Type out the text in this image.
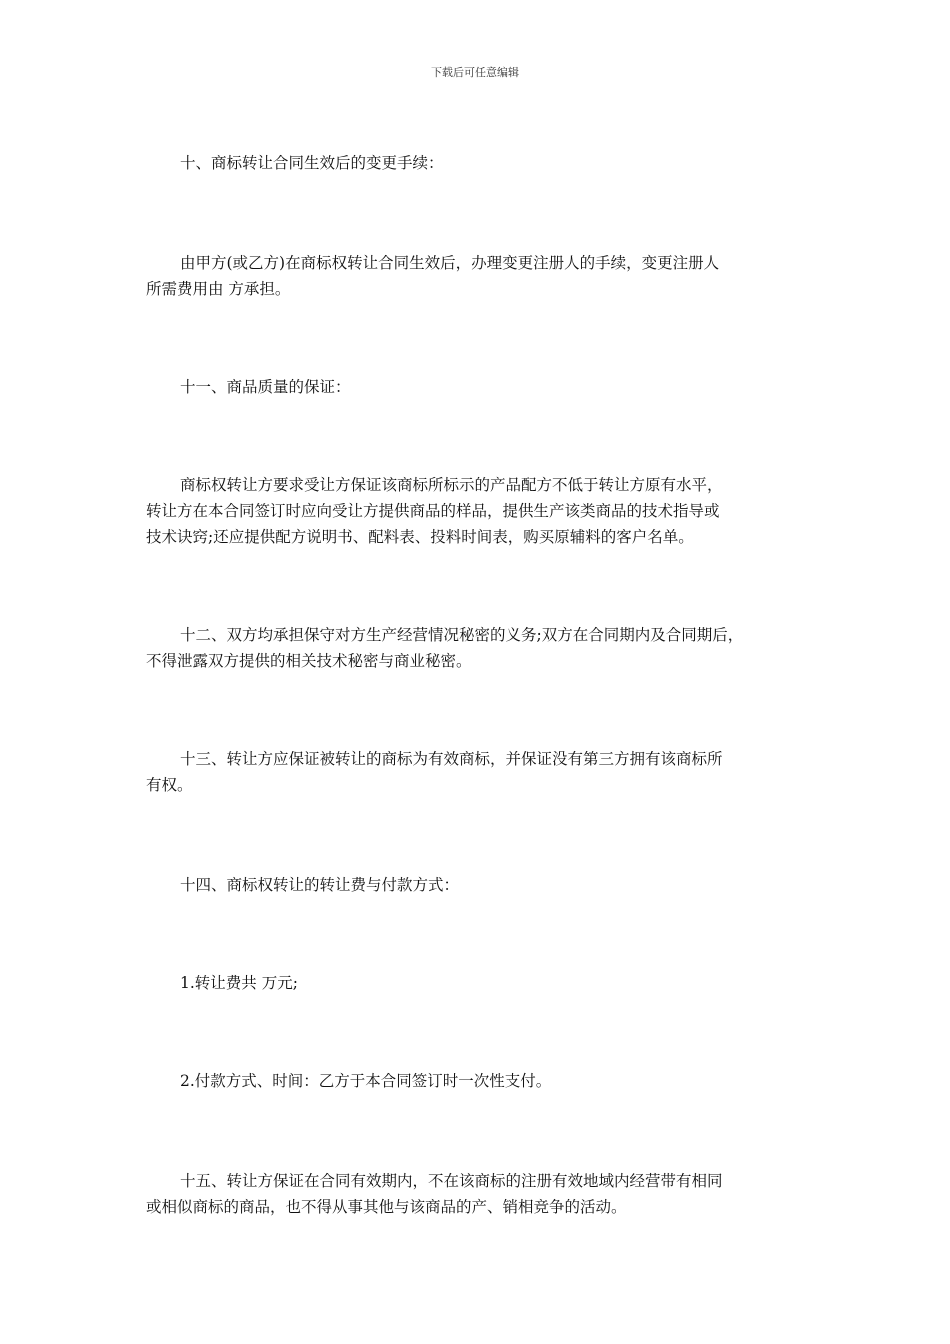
下载后可任意编辑

十、商标转让合同生效后的变更手续：

由甲方(或乙方)在商标权转让合同生效后，办理变更注册人的手续，变更注册人
所需费用由 方承担。

十一、商品质量的保证：

商标权转让方要求受让方保证该商标所标示的产品配方不低于转让方原有水平，
转让方在本合同签订时应向受让方提供商品的样品，提供生产该类商品的技术指导或
技术诀窍;还应提供配方说明书、配料表、投料时间表，购买原辅料的客户名单。

十二、双方均承担保守对方生产经营情况秘密的义务;双方在合同期内及合同期后，
不得泄露双方提供的相关技术秘密与商业秘密。

十三、转让方应保证被转让的商标为有效商标，并保证没有第三方拥有该商标所
有权。

十四、商标权转让的转让费与付款方式：

1.转让费共 万元;

2.付款方式、时间：乙方于本合同签订时一次性支付。

十五、转让方保证在合同有效期内，不在该商标的注册有效地域内经营带有相同
或相似商标的商品，也不得从事其他与该商品的产、销相竞争的活动。
